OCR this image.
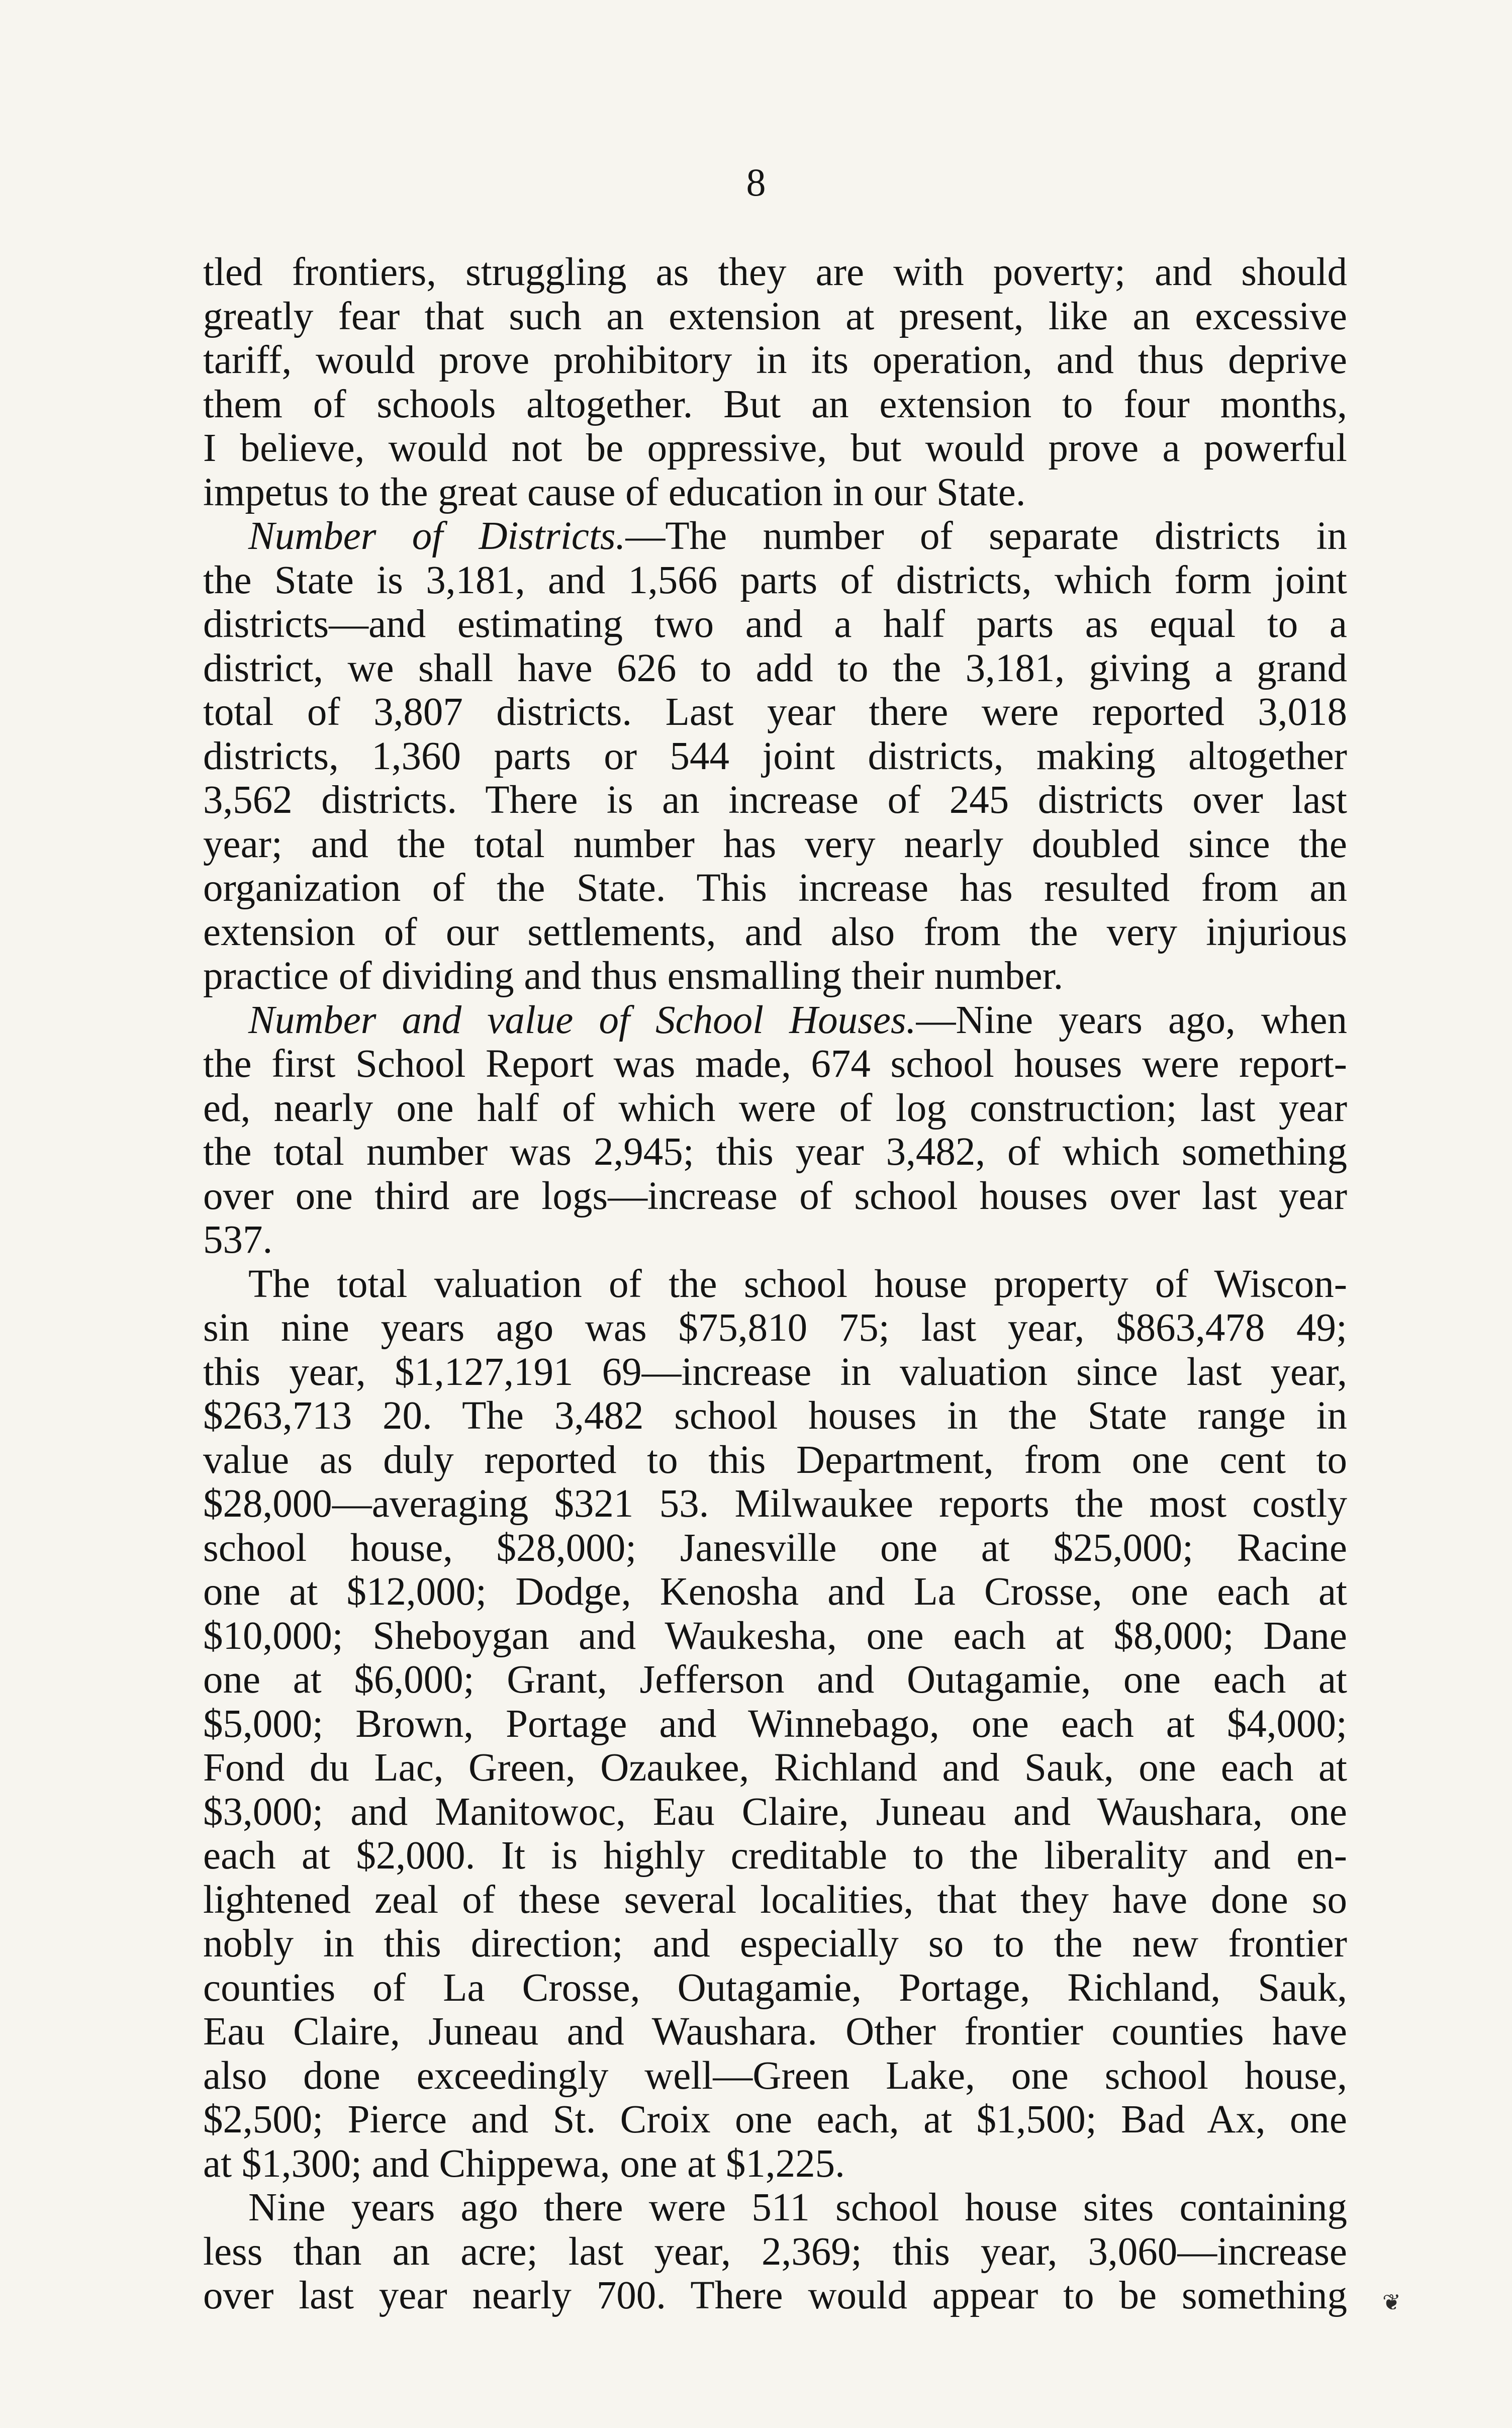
8
tled frontiers, struggling as they are with poverty; and should
greatly fear that such an extension at present, like an excessive
tariff, would prove prohibitory in its operation, and thus deprive
them of schools altogether. But an extension to four months,
I believe, would not be oppressive, but would prove a powerful
impetus to the great cause of education in our State.
Number of Districts.—The number of separate districts in
the State is 3,181, and 1,566 parts of districts, which form joint
districts—and estimating two and a half parts as equal to a
district, we shall have 626 to add to the 3,181, giving a grand
total of 3,807 districts. Last year there were reported 3,018
districts, 1,360 parts or 544 joint districts, making altogether
3,562 districts. There is an increase of 245 districts over last
year; and the total number has very nearly doubled since the
organization of the State. This increase has resulted from an
extension of our settlements, and also from the very injurious
practice of dividing and thus ensmalling their number.
Number and value of School Houses.—Nine years ago, when
the first School Report was made, 674 school houses were report-
ed, nearly one half of which were of log construction; last year
the total number was 2,945; this year 3,482, of which something
over one third are logs—increase of school houses over last year
537.
The total valuation of the school house property of Wiscon-
sin nine years ago was $75,810 75; last year, $863,478 49;
this year, $1,127,191 69—increase in valuation since last year,
$263,713 20. The 3,482 school houses in the State range in
value as duly reported to this Department, from one cent to
$28,000—averaging $321 53. Milwaukee reports the most costly
school house, $28,000; Janesville one at $25,000; Racine
one at $12,000; Dodge, Kenosha and La Crosse, one each at
$10,000; Sheboygan and Waukesha, one each at $8,000; Dane
one at $6,000; Grant, Jefferson and Outagamie, one each at
$5,000; Brown, Portage and Winnebago, one each at $4,000;
Fond du Lac, Green, Ozaukee, Richland and Sauk, one each at
$3,000; and Manitowoc, Eau Claire, Juneau and Waushara, one
each at $2,000. It is highly creditable to the liberality and en-
lightened zeal of these several localities, that they have done so
nobly in this direction; and especially so to the new frontier
counties of La Crosse, Outagamie, Portage, Richland, Sauk,
Eau Claire, Juneau and Waushara. Other frontier counties have
also done exceedingly well—Green Lake, one school house,
$2,500; Pierce and St. Croix one each, at $1,500; Bad Ax, one
at $1,300; and Chippewa, one at $1,225.
Nine years ago there were 511 school house sites containing
less than an acre; last year, 2,369; this year, 3,060—increase
over last year nearly 700. There would appear to be something ❦
